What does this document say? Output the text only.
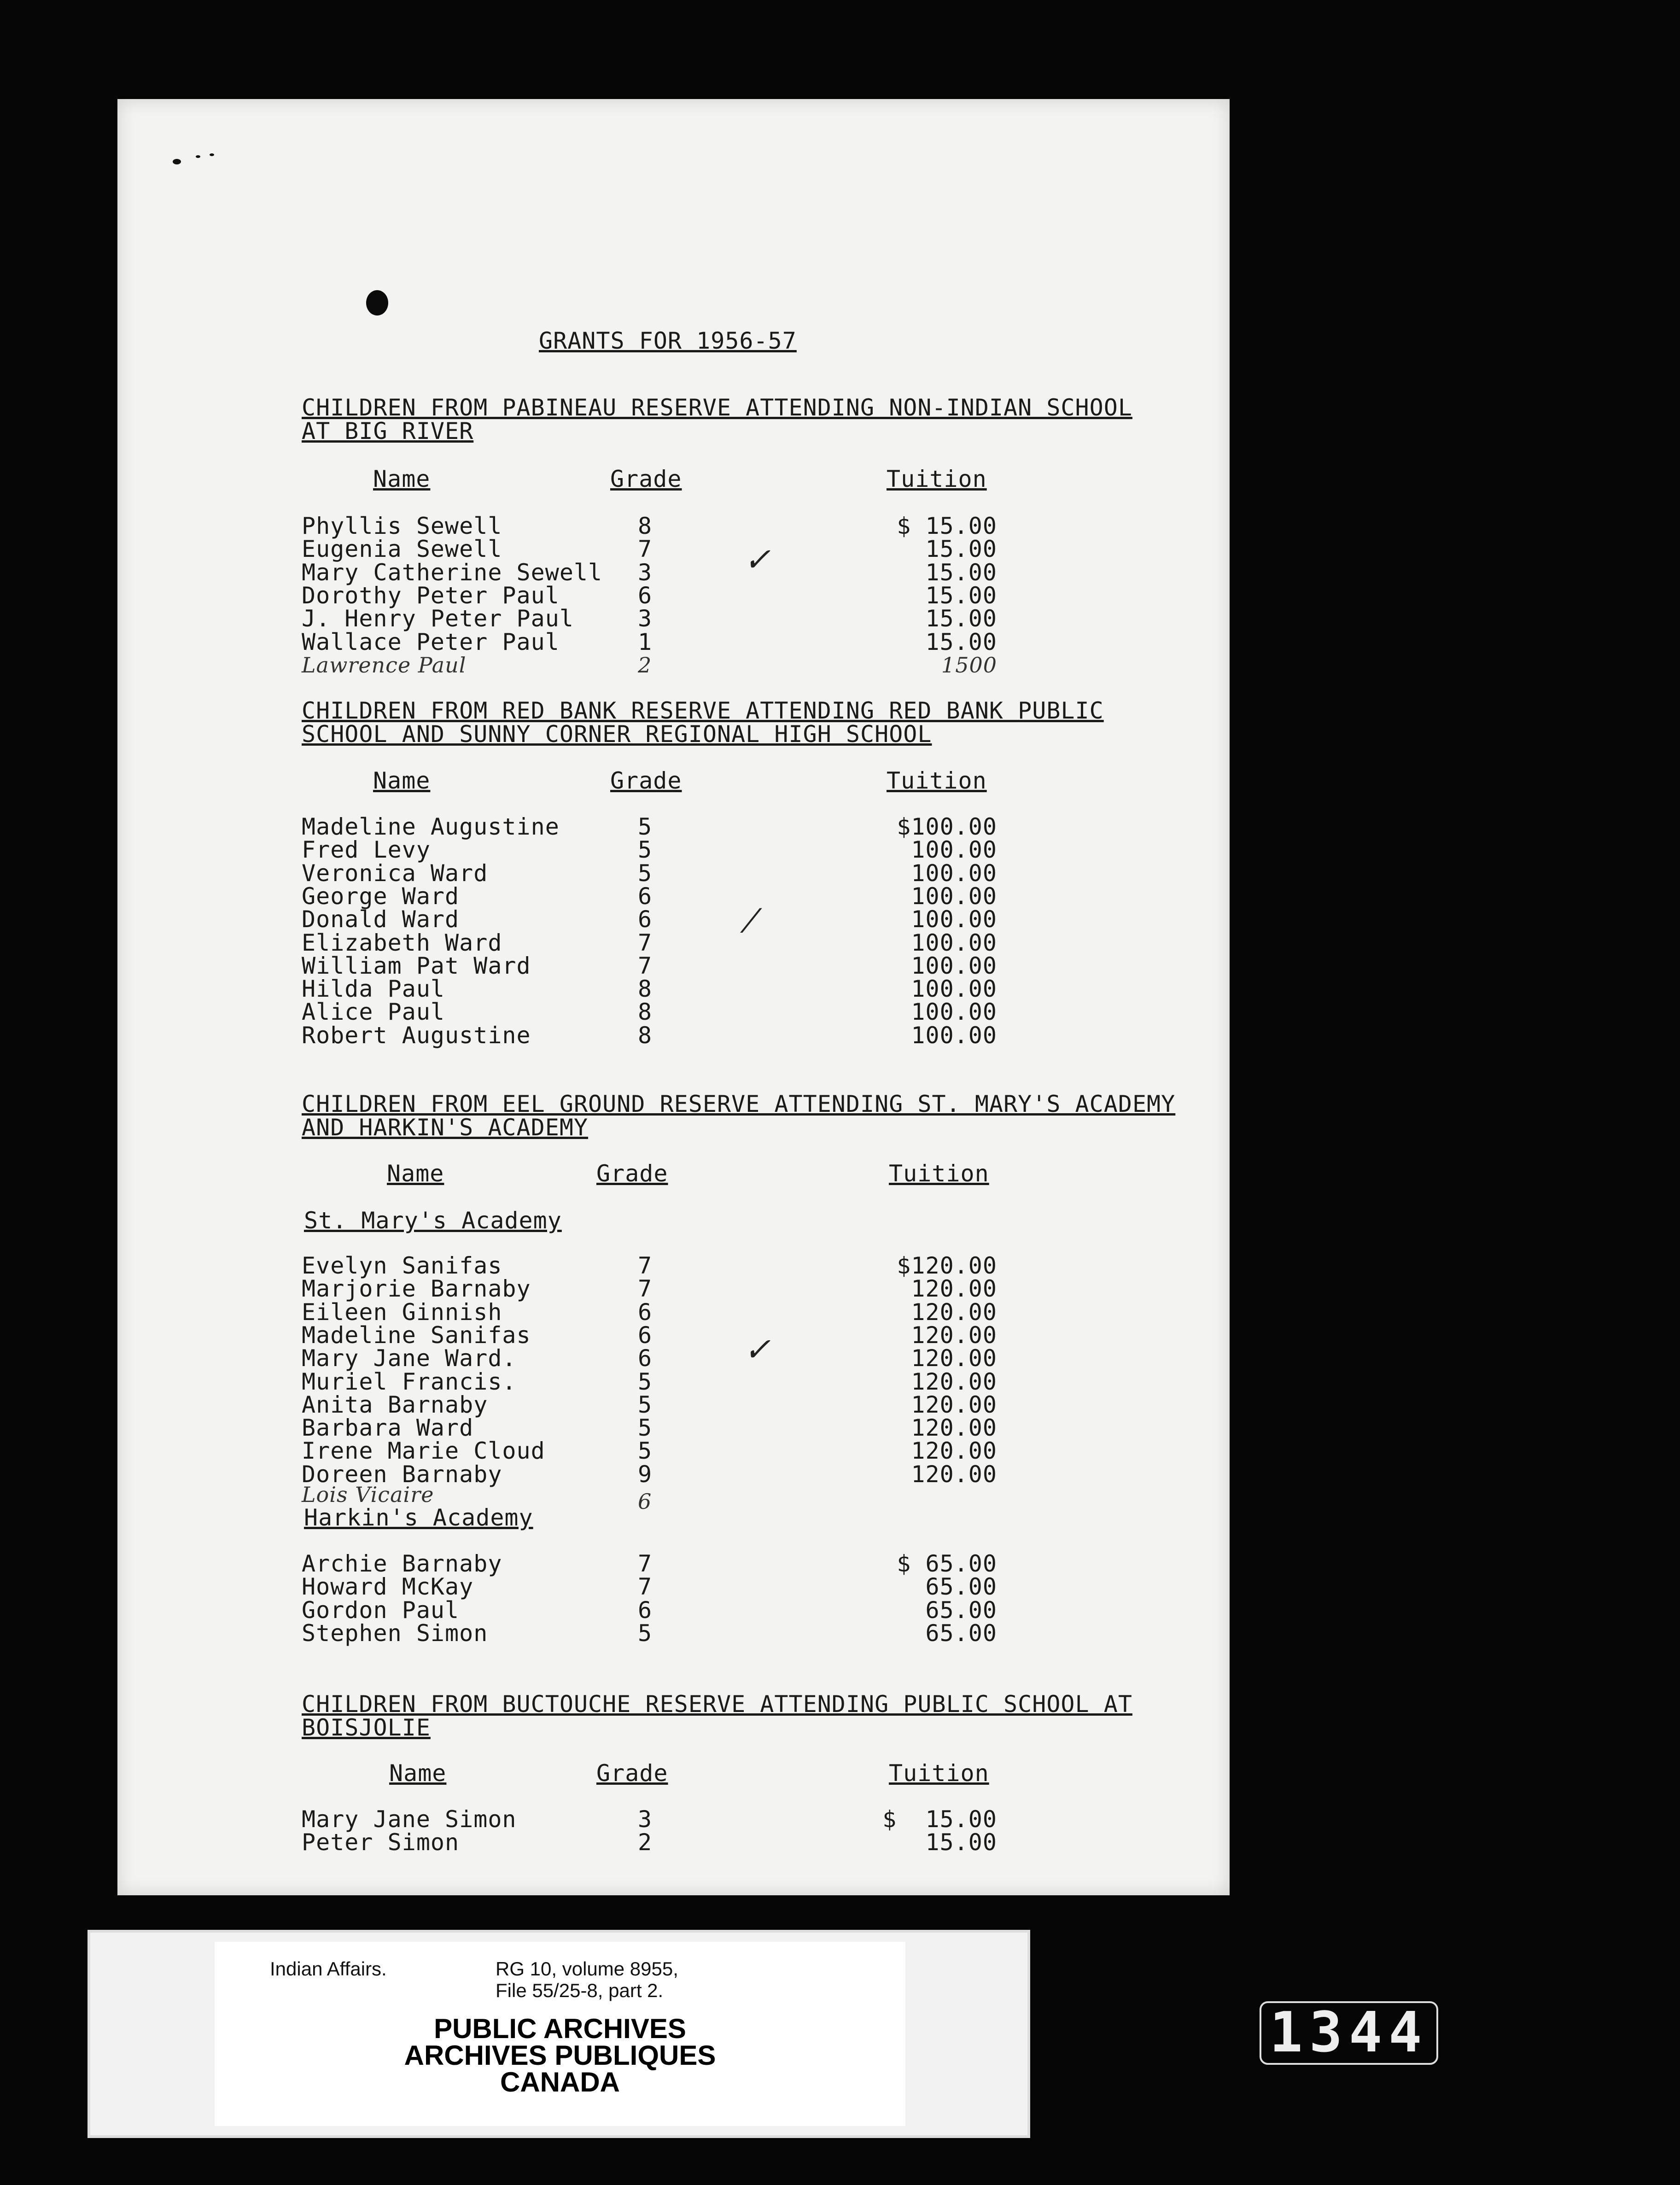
GRANTS FOR 1956-57
CHILDREN FROM PABINEAU RESERVE ATTENDING NON-INDIAN SCHOOL
AT BIG RIVER
Name	Grade	Tuition
Phyllis Sewell	8	$ 15.00
Eugenia Sewell	7	15.00
Mary Catherine Sewell 3	15.00
Dorothy Peter Paul	6	15.00
J. Henry Peter Paul	3	15.00
Wallace Peter Paul	1	15.00
Lawrence Paul	2	1500
CHILDREN FROM RED BANK RESERVE ATTENDING RED BANK PUBLIC
SCHOOL AND SUNNY CORNER REGIONAL HIGH SCHOOL
Name	Grade	Tuition
Madeline Augustine	5	$100.00
Fred Levy	5	100.00
Veronica Ward	5	100.00
George Ward	6	100.00
Donald Ward	6	100.00
Elizabeth Ward	7	100.00
William Pat Ward	7	100.00
Hilda Paul	8	100.00
Alice Paul	8	100.00
Robert Augustine	8	100.00
CHILDREN FROM EEL GROUND RESERVE ATTENDING ST. MARY'S ACADEMY
AND HARKIN'S ACADEMY
Name	Grade	Tuition
St. Mary's Academy
Evelyn Sanifas	7	$120.00
Marjorie Barnaby	7	120.00
Eileen Ginnish	6	120.00
Madeline Sanifas	6	120.00
Mary Jane Ward.	6	120.00
Muriel Francis.	5	120.00
Anita Barnaby	5	120.00
Barbara Ward	5	120.00
Irene Marie Cloud	5	120.00
Doreen Barnaby	9	120.00
Lois Vicaire	6
Harkin's Academy
Archie Barnaby	7	$ 65.00
Howard McKay	7	65.00
Gordon Paul	6	65.00
Stephen Simon	5	65.00
CHILDREN FROM BUCTOUCHE RESERVE ATTENDING PUBLIC SCHOOL AT
BOISJOLIE
Name	Grade	Tuition
Mary Jane Simon	3	$  15.00
Peter Simon	2	15.00
✓
⁄
✓
Indian Affairs.	RG 10, volume 8955,
File 55/25-8, part 2.
PUBLIC ARCHIVES
ARCHIVES PUBLIQUES
CANADA
1344
